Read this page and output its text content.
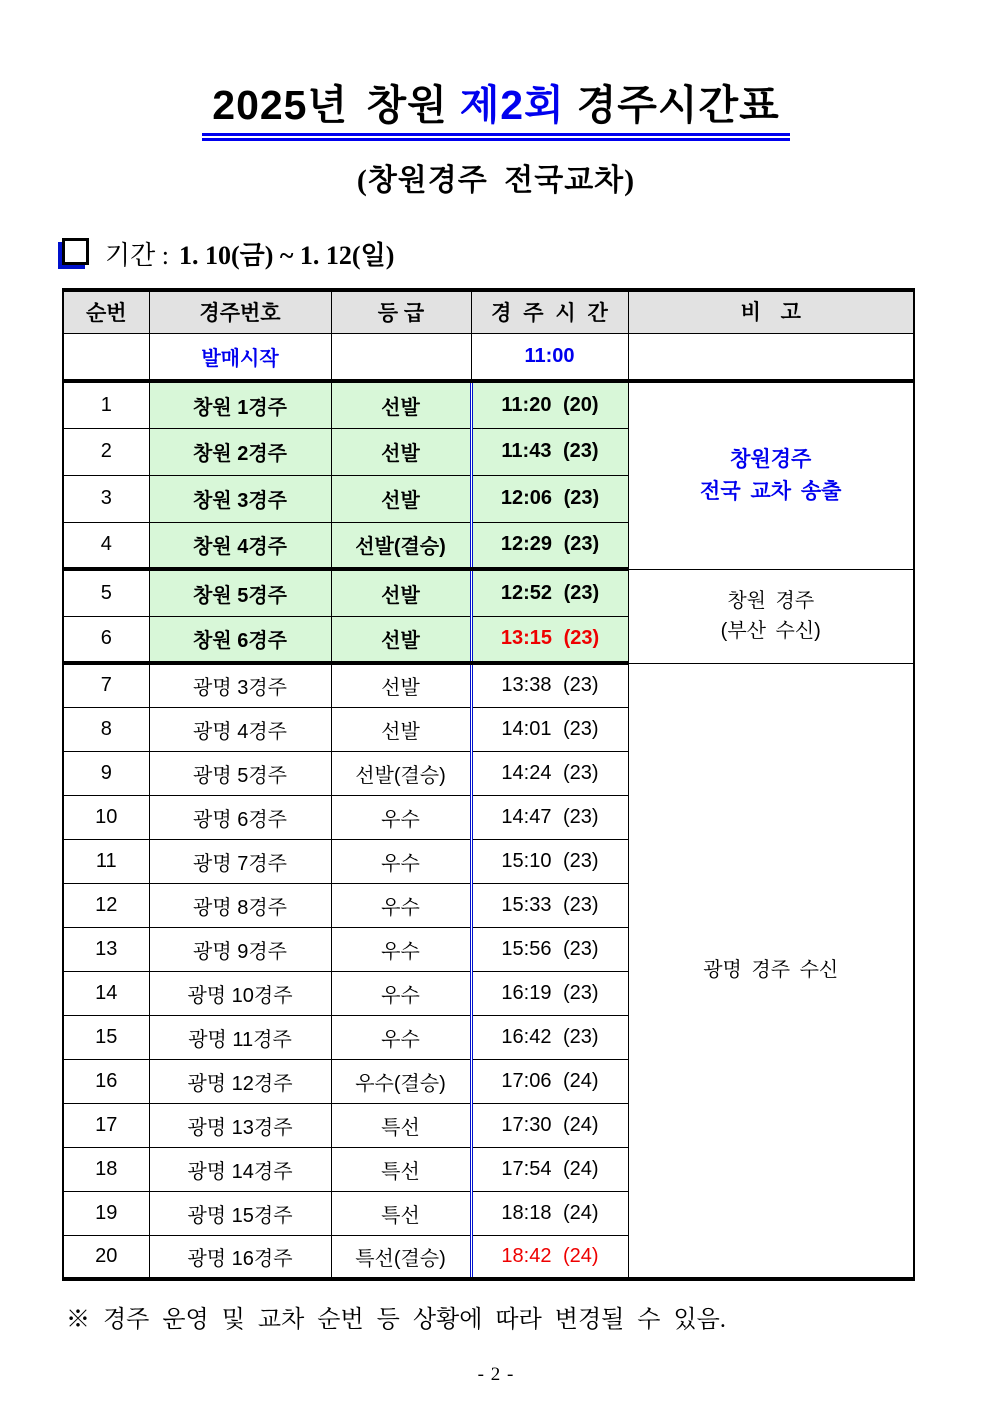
2025년 창원 제2회 경주시간표
(창원경주 전국교차)
기간 : 1. 10(금) ~ 1. 12(일)
순번	경주번호	등 급	경 주 시 간	비  고
	발매시작		11:00	
1	창원 1경주	선발	11:20 (20)	창원경주
전국 교차 송출

2	창원 2경주	선발	11:43 (23)	
3	창원 3경주	선발	12:06 (23)	
4	창원 4경주	선발(결승)	12:29 (23)	
5	창원 5경주	선발	12:52 (23)	창원 경주
(부산 수신)

6	창원 6경주	선발	13:15 (23)	
7	광명 3경주	선발	13:38 (23)	광명 경주 수신

8	광명 4경주	선발	14:01 (23)	
9	광명 5경주	선발(결승)	14:24 (23)	
10	광명 6경주	우수	14:47 (23)	
11	광명 7경주	우수	15:10 (23)	
12	광명 8경주	우수	15:33 (23)	
13	광명 9경주	우수	15:56 (23)	
14	광명 10경주	우수	16:19 (23)	
15	광명 11경주	우수	16:42 (23)	
16	광명 12경주	우수(결승)	17:06 (24)	
17	광명 13경주	특선	17:30 (24)	
18	광명 14경주	특선	17:54 (24)	
19	광명 15경주	특선	18:18 (24)	
20	광명 16경주	특선(결승)	18:42 (24)	
※ 경주 운영 및 교차 순번 등 상황에 따라 변경될 수 있음.
- 2 -
